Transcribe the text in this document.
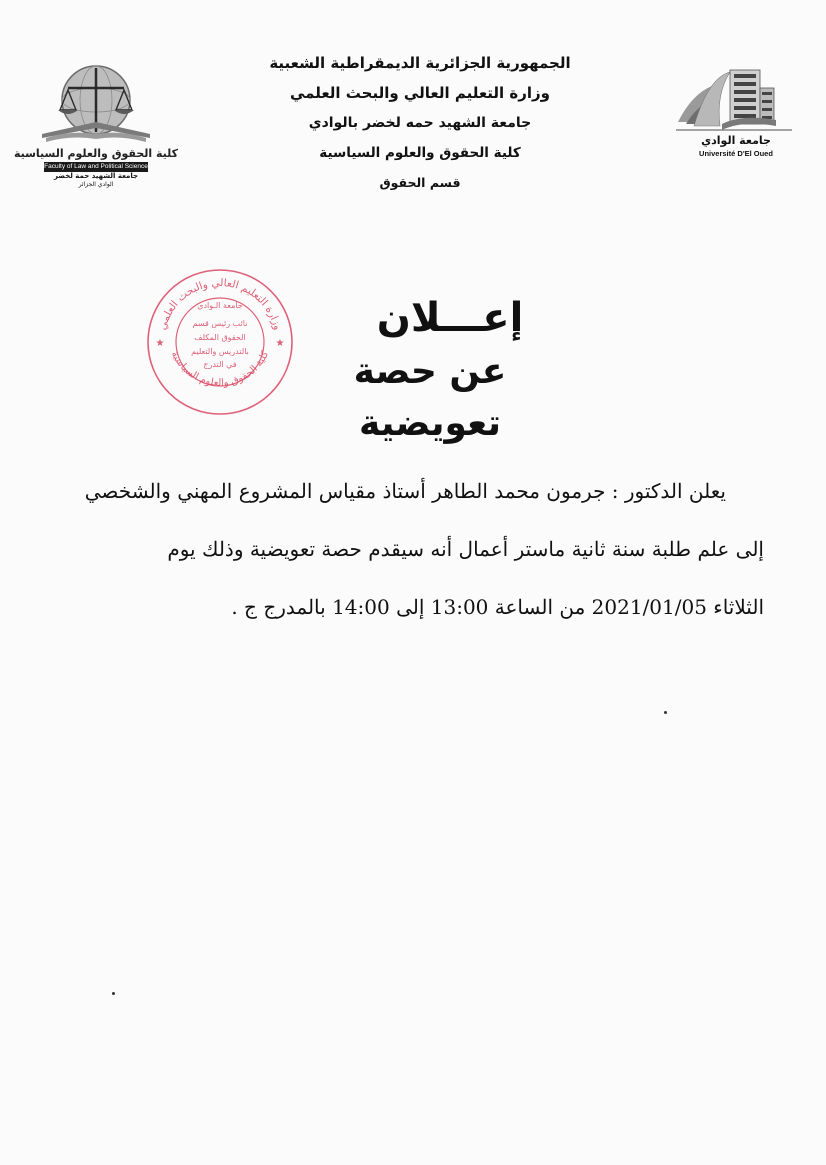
كلية الحقوق والعلوم السياسية
Faculty of Law and Political Science
جامعة الشهيد حمة لخضر
الوادي الجزائر
الجمهورية الجزائرية الديمقراطية الشعبية
وزارة التعليم العالي والبحث العلمي
جامعة الشهيد حمه لخضر بالوادي
كلية الحقوق والعلوم السياسية
قسم الحقوق
جامعة الوادي
Université D'El Oued
وزارة التعليم العالي والبحث العلمي
كلية الحقوق والعلوم السياسية
جامعة الـوادي
نائب رئيس قسم
الحقوق المكلف
بالتدريس والتعليم
في التدرج
★	★
إعـــلان
عن حصة تعويضية
يعلن الدكتور : جرمون محمد الطاهر أستاذ مقياس المشروع المهني والشخصي
إلى علم طلبة سنة ثانية ماستر أعمال أنه سيقدم حصة تعويضية وذلك يوم
الثلاثاء 2021/01/05 من الساعة 13:00 إلى 14:00 بالمدرج ج .
